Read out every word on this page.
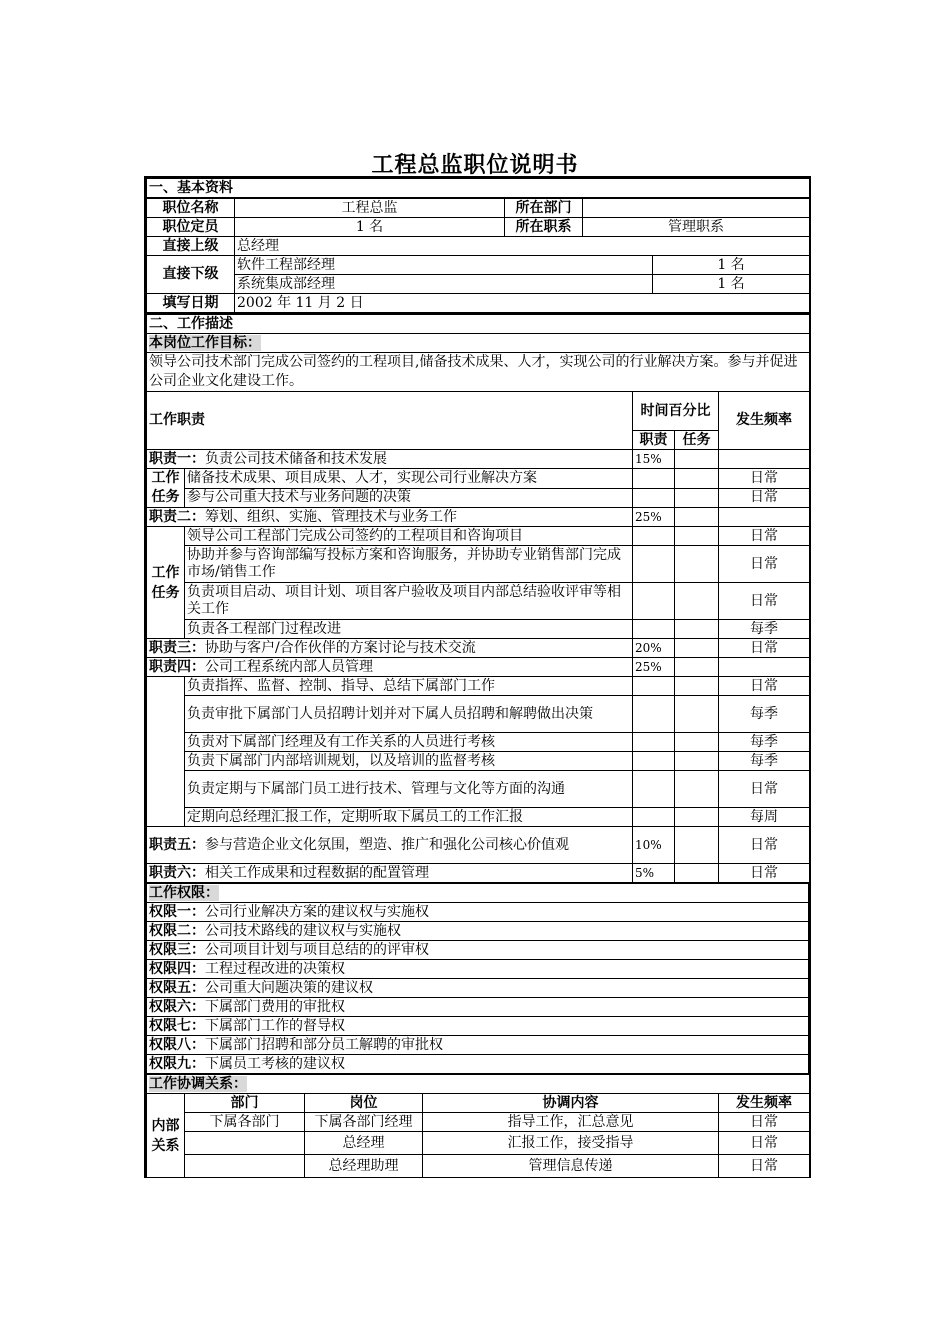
工程总监职位说明书
一、基本资料				
职位名称	工程总监	所在部门		
职位定员	1 名	所在职系	管理职系	
直接上级	总经理			
直接下级	软件工程部经理			1 名
	系统集成部经理			1 名
填写日期	2002 年 11 月 2 日			
二、工作描述				
本岗位工作目标：				
领导公司技术部门完成公司签约的工程项目,储备技术成果、人才，实现公司的行业解决方案。参与并促进公司企业文化建设工作。				
工作职责		时间百分比		发生频率
		职责	任务	
职责一：负责公司技术储备和技术发展		15%		
工作
任务	储备技术成果、项目成果、人才，实现公司行业解决方案			日常
	参与公司重大技术与业务问题的决策			日常
职责二：筹划、组织、实施、管理技术与业务工作		25%		
工作
任务	领导公司工程部门完成公司签约的工程项目和咨询项目			日常
	协助并参与咨询部编写投标方案和咨询服务，并协助专业销售部门完成市场/销售工作			日常
	负责项目启动、项目计划、项目客户验收及项目内部总结验收评审等相关工作			日常
	负责各工程部门过程改进			每季
职责三：协助与客户/合作伙伴的方案讨论与技术交流		20%		日常
职责四：公司工程系统内部人员管理		25%		
	负责指挥、监督、控制、指导、总结下属部门工作			日常
	负责审批下属部门人员招聘计划并对下属人员招聘和解聘做出决策			每季
	负责对下属部门经理及有工作关系的人员进行考核			每季
	负责下属部门内部培训规划，以及培训的监督考核			每季
	负责定期与下属部门员工进行技术、管理与文化等方面的沟通			日常
	定期向总经理汇报工作，定期听取下属员工的工作汇报			每周
职责五：参与营造企业文化氛围，塑造、推广和强化公司核心价值观		10%		日常
职责六：相关工作成果和过程数据的配置管理		5%		日常
工作权限：
权限一：公司行业解决方案的建议权与实施权
权限二：公司技术路线的建议权与实施权
权限三：公司项目计划与项目总结的的评审权
权限四：工程过程改进的决策权
权限五：公司重大问题决策的建议权
权限六：下属部门费用的审批权
权限七：下属部门工作的督导权
权限八：下属部门招聘和部分员工解聘的审批权
权限九：下属员工考核的建议权
工作协调关系：				
内部
关系	部门	岗位	协调内容	发生频率
	下属各部门	下属各部门经理	指导工作，汇总意见	日常
		总经理	汇报工作，接受指导	日常
		总经理助理	管理信息传递	日常
